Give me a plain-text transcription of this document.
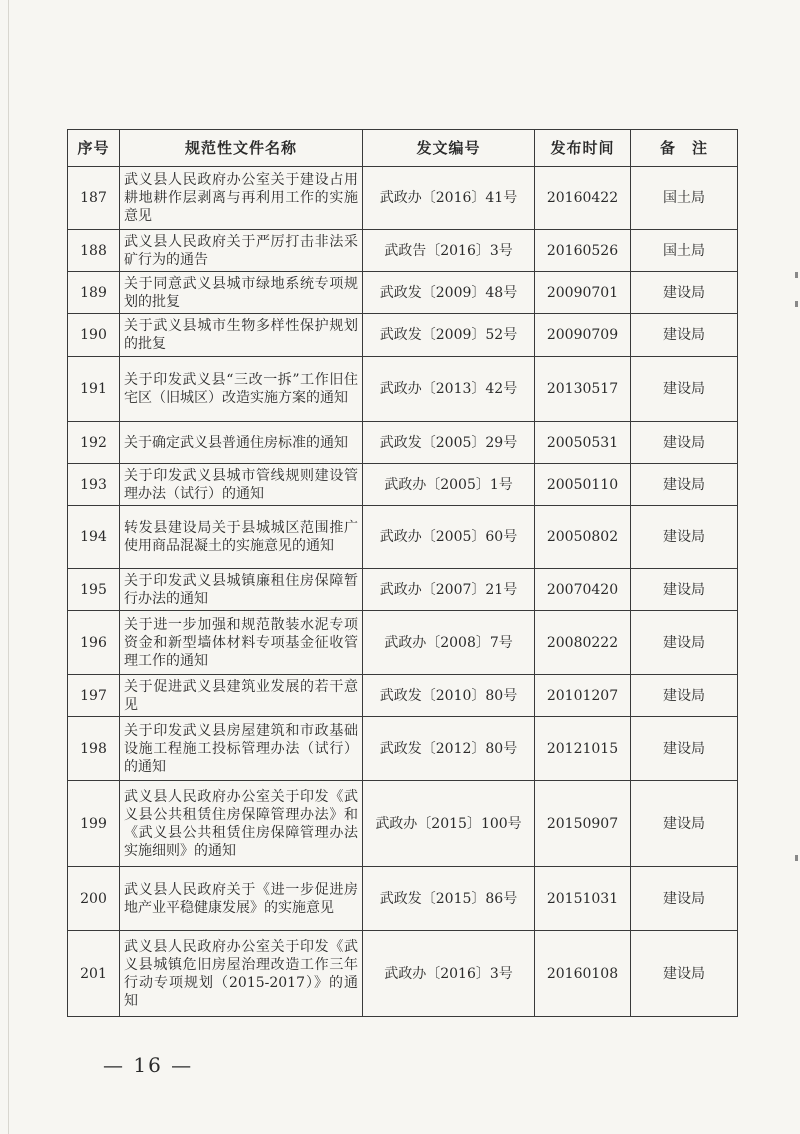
序号	规范性文件名称	发文编号	发布时间	备　注
187	武义县人民政府办公室关于建设占用耕地耕作层剥离与再利用工作的实施意见	武政办〔2016〕41号	20160422	国土局
188	武义县人民政府关于严厉打击非法采矿行为的通告	武政告〔2016〕3号	20160526	国土局
189	关于同意武义县城市绿地系统专项规划的批复	武政发〔2009〕48号	20090701	建设局
190	关于武义县城市生物多样性保护规划的批复	武政发〔2009〕52号	20090709	建设局
191	关于印发武义县“三改一拆”工作旧住宅区（旧城区）改造实施方案的通知	武政办〔2013〕42号	20130517	建设局
192	关于确定武义县普通住房标准的通知	武政发〔2005〕29号	20050531	建设局
193	关于印发武义县城市管线规则建设管理办法（试行）的通知	武政办〔2005〕1号	20050110	建设局
194	转发县建设局关于县城城区范围推广使用商品混凝土的实施意见的通知	武政办〔2005〕60号	20050802	建设局
195	关于印发武义县城镇廉租住房保障暂行办法的通知	武政办〔2007〕21号	20070420	建设局
196	关于进一步加强和规范散装水泥专项资金和新型墙体材料专项基金征收管理工作的通知	武政办〔2008〕7号	20080222	建设局
197	关于促进武义县建筑业发展的若干意见	武政发〔2010〕80号	20101207	建设局
198	关于印发武义县房屋建筑和市政基础设施工程施工投标管理办法（试行）的通知	武政发〔2012〕80号	20121015	建设局
199	武义县人民政府办公室关于印发《武义县公共租赁住房保障管理办法》和《武义县公共租赁住房保障管理办法实施细则》的通知	武政办〔2015〕100号	20150907	建设局
200	武义县人民政府关于《进一步促进房地产业平稳健康发展》的实施意见	武政发〔2015〕86号	20151031	建设局
201	武义县人民政府办公室关于印发《武义县城镇危旧房屋治理改造工作三年行动专项规划（2015-2017）》的通知	武政办〔2016〕3号	20160108	建设局
— 16 —
